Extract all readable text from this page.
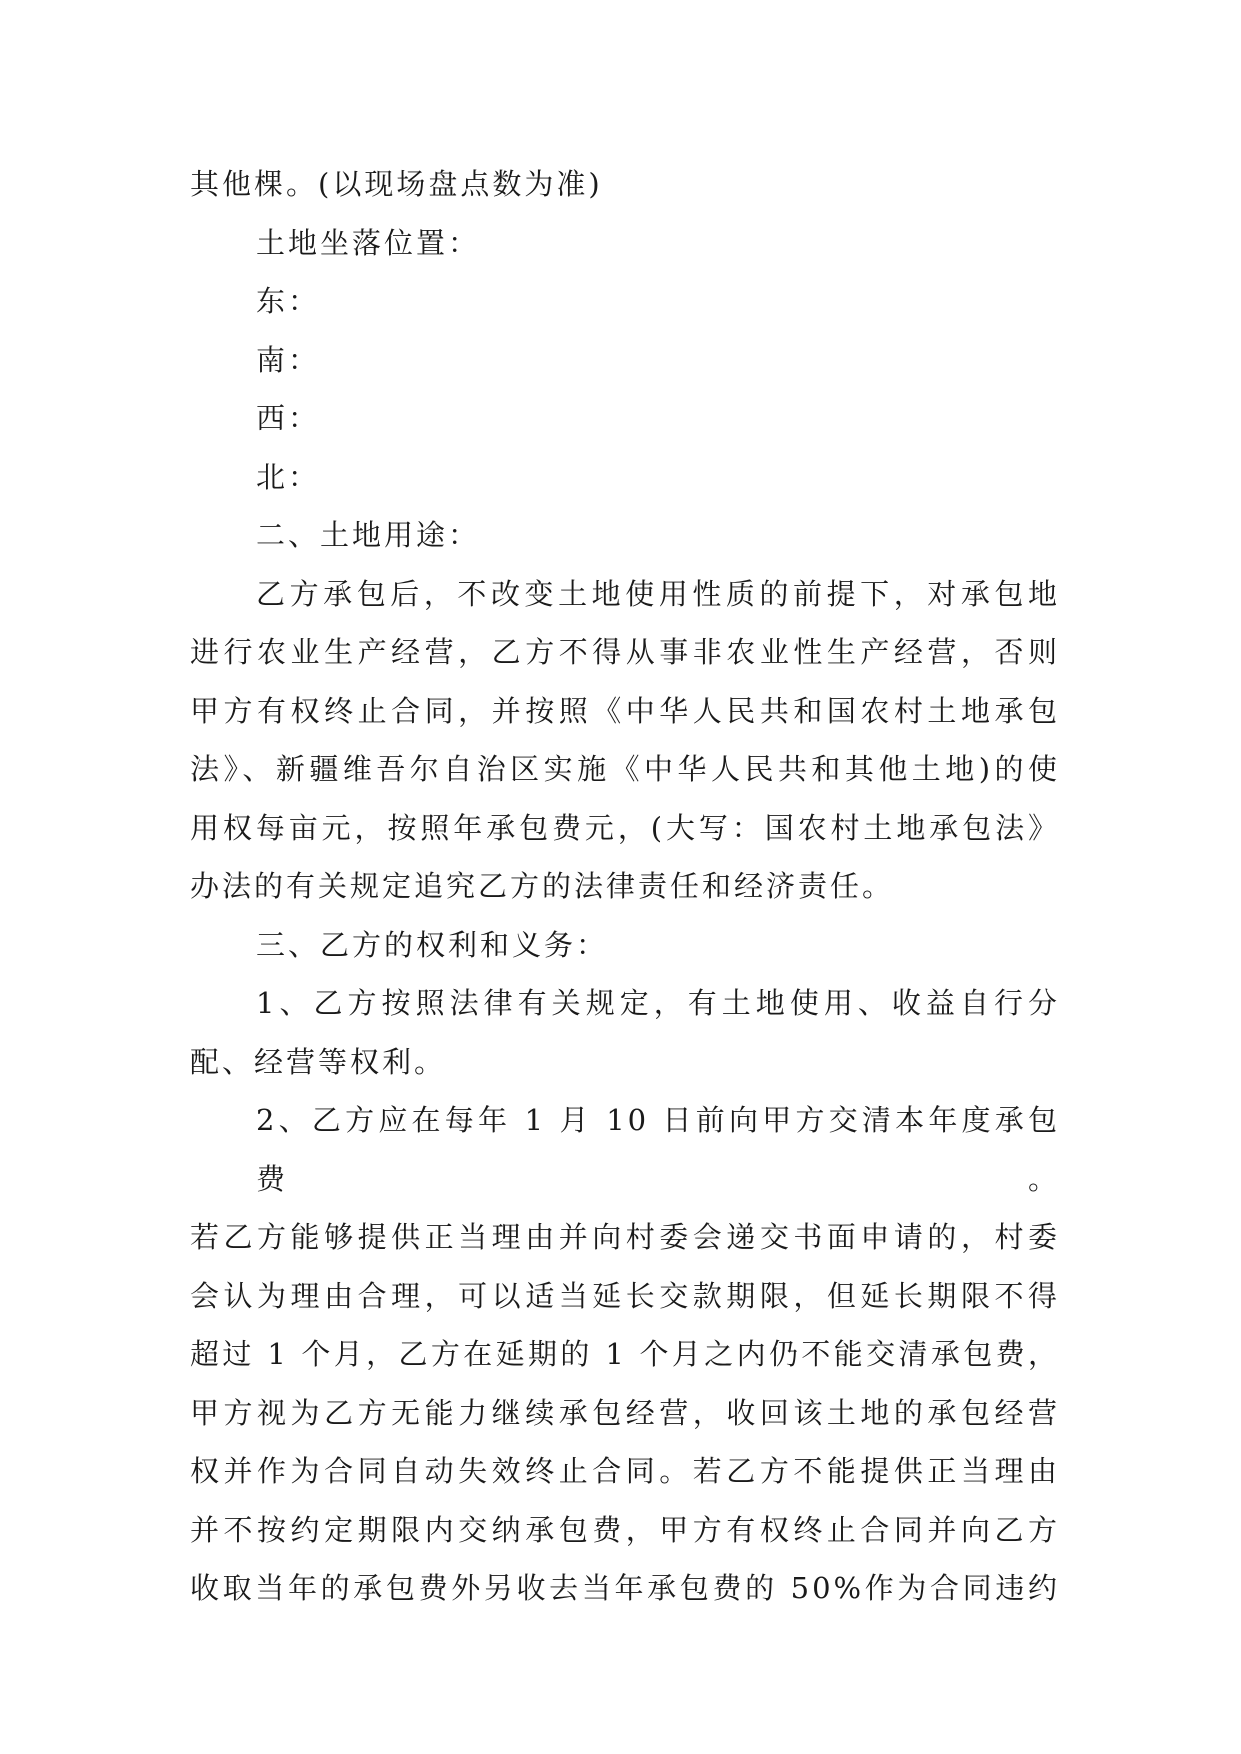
其他棵。(以现场盘点数为准)
土地坐落位置：
东：
南：
西：
北：
二、土地用途：
乙方承包后，不改变土地使用性质的前提下，对承包地
进行农业生产经营，乙方不得从事非农业性生产经营，否则
甲方有权终止合同，并按照《中华人民共和国农村土地承包
法》、新疆维吾尔自治区实施《中华人民共和其他土地)的使
用权每亩元，按照年承包费元，(大写：国农村土地承包法》
办法的有关规定追究乙方的法律责任和经济责任。
三、乙方的权利和义务：
1、乙方按照法律有关规定，有土地使用、收益自行分
配、经营等权利。
2、乙方应在每年 1 月 10 日前向甲方交清本年度承包费。
若乙方能够提供正当理由并向村委会递交书面申请的，村委
会认为理由合理，可以适当延长交款期限，但延长期限不得
超过 1 个月，乙方在延期的 1 个月之内仍不能交清承包费，
甲方视为乙方无能力继续承包经营，收回该土地的承包经营
权并作为合同自动失效终止合同。若乙方不能提供正当理由
并不按约定期限内交纳承包费，甲方有权终止合同并向乙方
收取当年的承包费外另收去当年承包费的 50%作为合同违约
